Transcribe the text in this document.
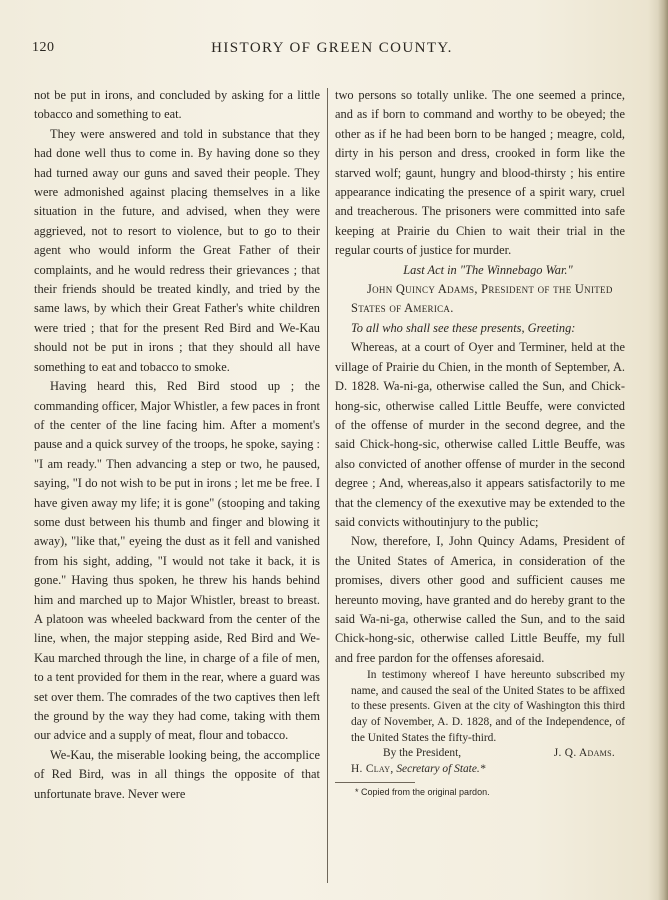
120	HISTORY OF GREEN COUNTY.

not be put in irons, and concluded by asking for a little tobacco and something to eat.

They were answered and told in substance that they had done well thus to come in. By having done so they had turned away our guns and saved their people. They were admonished against placing themselves in a like situation in the future, and advised, when they were aggrieved, not to resort to violence, but to go to their agent who would inform the Great Father of their complaints, and he would redress their grievances ; that their friends should be treated kindly, and tried by the same laws, by which their Great Father's white children were tried ; that for the present Red Bird and We-Kau should not be put in irons ; that they should all have something to eat and tobacco to smoke.

Having heard this, Red Bird stood up ; the commanding officer, Major Whistler, a few paces in front of the center of the line facing him. After a moment's pause and a quick survey of the troops, he spoke, saying : "I am ready." Then advancing a step or two, he paused, saying, "I do not wish to be put in irons ; let me be free. I have given away my life; it is gone" (stooping and taking some dust between his thumb and finger and blowing it away), "like that," eyeing the dust as it fell and vanished from his sight, adding, "I would not take it back, it is gone." Having thus spoken, he threw his hands behind him and marched up to Major Whistler, breast to breast. A platoon was wheeled backward from the center of the line, when, the major stepping aside, Red Bird and We-Kau marched through the line, in charge of a file of men, to a tent provided for them in the rear, where a guard was set over them. The comrades of the two captives then left the ground by the way they had come, taking with them our advice and a supply of meat, flour and tobacco.

We-Kau, the miserable looking being, the accomplice of Red Bird, was in all things the opposite of that unfortunate brave. Never were

two persons so totally unlike. The one seemed a prince, and as if born to command and worthy to be obeyed; the other as if he had been born to be hanged ; meagre, cold, dirty in his person and dress, crooked in form like the starved wolf; gaunt, hungry and blood-thirsty ; his entire appearance indicating the presence of a spirit wary, cruel and treacherous. The prisoners were committed into safe keeping at Prairie du Chien to wait their trial in the regular courts of justice for murder.

Last Act in "The Winnebago War."

John Quincy Adams, President of the United States of America.

To all who shall see these presents, Greeting:

Whereas, at a court of Oyer and Terminer, held at the village of Prairie du Chien, in the month of September, A. D. 1828. Wa-ni-ga, otherwise called the Sun, and Chick-hong-sic, otherwise called Little Beuffe, were convicted of the offense of murder in the second degree, and the said Chick-hong-sic, otherwise called Little Beuffe, was also convicted of another offense of murder in the second degree ; And, whereas,also it appears satisfactorily to me that the clemency of the exexutive may be extended to the said convicts withoutinjury to the public;

Now, therefore, I, John Quincy Adams, President of the United States of America, in consideration of the promises, divers other good and sufficient causes me hereunto moving, have granted and do hereby grant to the said Wa-ni-ga, otherwise called the Sun, and to the said Chick-hong-sic, otherwise called Little Beuffe, my full and free pardon for the offenses aforesaid.

In testimony whereof I have hereunto subscribed my name, and caused the seal of the United States to be affixed to these presents. Given at the city of Washington this third day of November, A. D. 1828, and of the Independence, of the United States the fifty-third.

By the President,	J. Q. Adams.

H. Clay, Secretary of State.*

* Copied from the original pardon.
